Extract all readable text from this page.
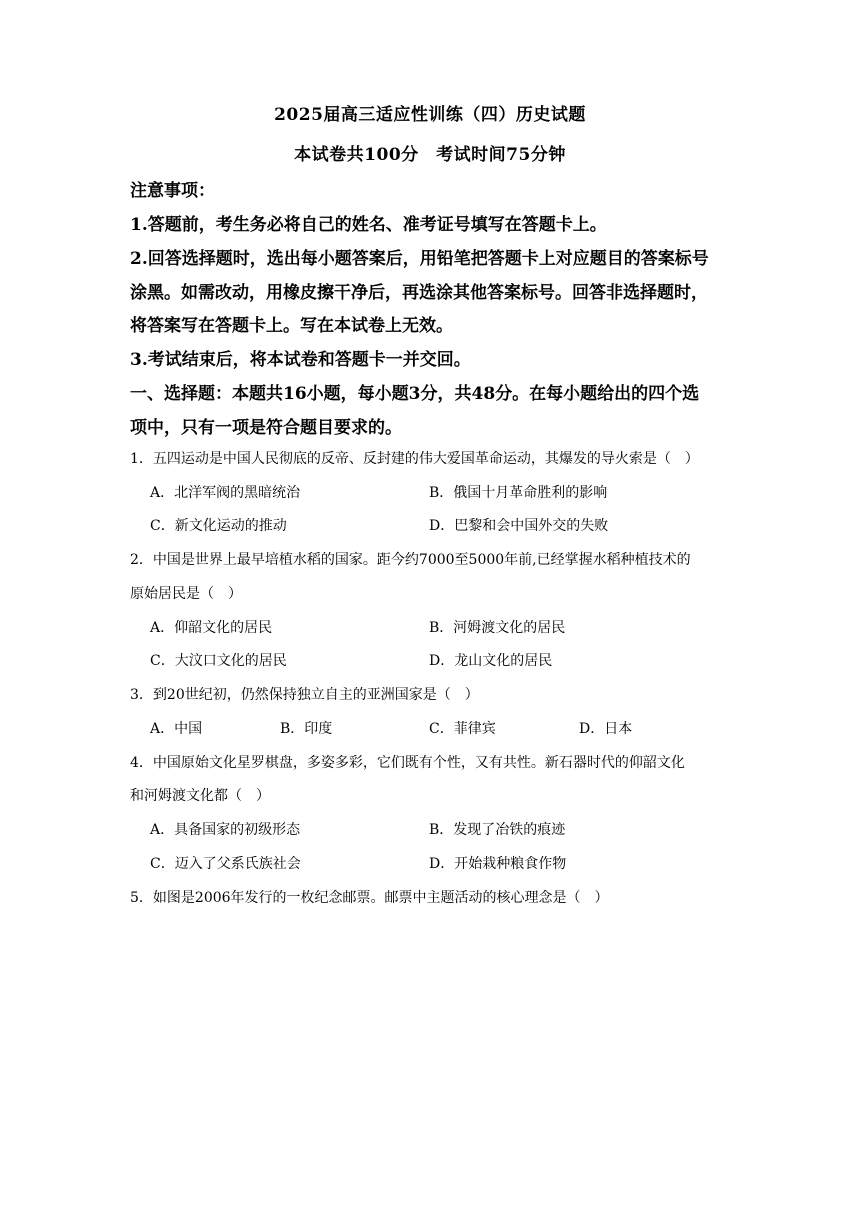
2025届高三适应性训练（四）历史试题
本试卷共100分　考试时间75分钟
注意事项：
1.答题前，考生务必将自己的姓名、准考证号填写在答题卡上。
2.回答选择题时，选出每小题答案后，用铅笔把答题卡上对应题目的答案标号
涂黑。如需改动，用橡皮擦干净后，再选涂其他答案标号。回答非选择题时，
将答案写在答题卡上。写在本试卷上无效。
3.考试结束后，将本试卷和答题卡一并交回。
一、选择题：本题共16小题，每小题3分，共48分。在每小题给出的四个选
项中，只有一项是符合题目要求的。
1．五四运动是中国人民彻底的反帝、反封建的伟大爱国革命运动，其爆发的导火索是（　）
A．北洋军阀的黑暗统治	B．俄国十月革命胜利的影响
C．新文化运动的推动	D．巴黎和会中国外交的失败
2．中国是世界上最早培植水稻的国家。距今约7000至5000年前,已经掌握水稻种植技术的
原始居民是（　）
A．仰韶文化的居民	B．河姆渡文化的居民
C．大汶口文化的居民	D．龙山文化的居民
3．到20世纪初，仍然保持独立自主的亚洲国家是（　）
A．中国	B．印度	C．菲律宾	D．日本
4．中国原始文化星罗棋盘，多姿多彩，它们既有个性，又有共性。新石器时代的仰韶文化
和河姆渡文化都（　）
A．具备国家的初级形态	B．发现了冶铁的痕迹
C．迈入了父系氏族社会	D．开始栽种粮食作物
5．如图是2006年发行的一枚纪念邮票。邮票中主题活动的核心理念是（　）
